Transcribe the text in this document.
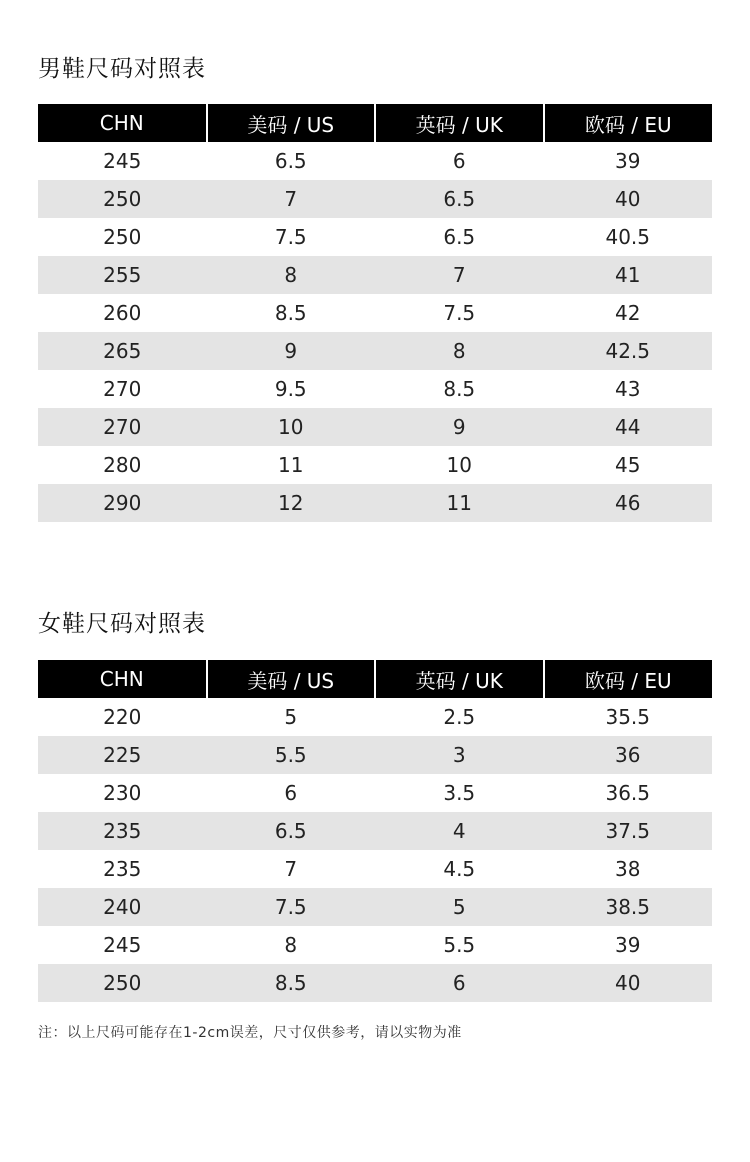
男鞋尺码对照表
CHN	美码 / US	英码 / UK	欧码 / EU
245	6.5	6	39
250	7	6.5	40
250	7.5	6.5	40.5
255	8	7	41
260	8.5	7.5	42
265	9	8	42.5
270	9.5	8.5	43
270	10	9	44
280	11	10	45
290	12	11	46
女鞋尺码对照表
CHN	美码 / US	英码 / UK	欧码 / EU
220	5	2.5	35.5
225	5.5	3	36
230	6	3.5	36.5
235	6.5	4	37.5
235	7	4.5	38
240	7.5	5	38.5
245	8	5.5	39
250	8.5	6	40

注：以上尺码可能存在1-2cm误差，尺寸仅供参考，请以实物为准
